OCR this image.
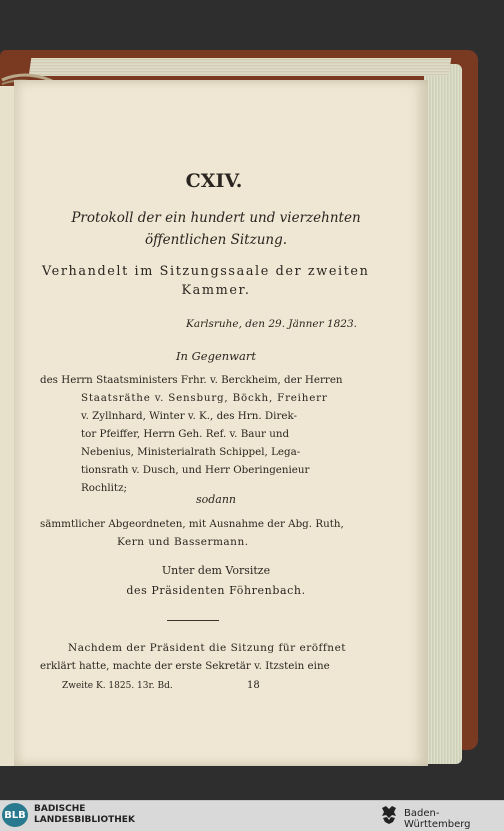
CXIV.
Protokoll der ein hundert und vierzehnten
öffentlichen Sitzung.
Verhandelt im Sitzungssaale der zweiten
Kammer.
Karlsruhe, den 29. Jänner 1823.
In Gegenwart
des Herrn Staatsministers Frhr. v. Berckheim, der Herren
Staatsräthe v. Sensburg, Böckh, Freiherr
v. Zyllnhard, Winter v. K., des Hrn. Direk-
tor Pfeiffer, Herrn Geh. Ref. v. Baur und
Nebenius, Ministerialrath Schippel, Lega-
tionsrath v. Dusch, und Herr Oberingenieur
Rochlitz;
sodann
sämmtlicher Abgeordneten, mit Ausnahme der Abg. Ruth,
Kern und Bassermann.
Unter dem Vorsitze
des Präsidenten Föhrenbach.
Nachdem der Präsident die Sitzung für eröffnet
erklärt hatte, machte der erste Sekretär v. Itzstein eine
Zweite K. 1825. 13r. Bd.	18
BLB
BADISCHE
LANDESBIBLIOTHEK
Baden-Württemberg
